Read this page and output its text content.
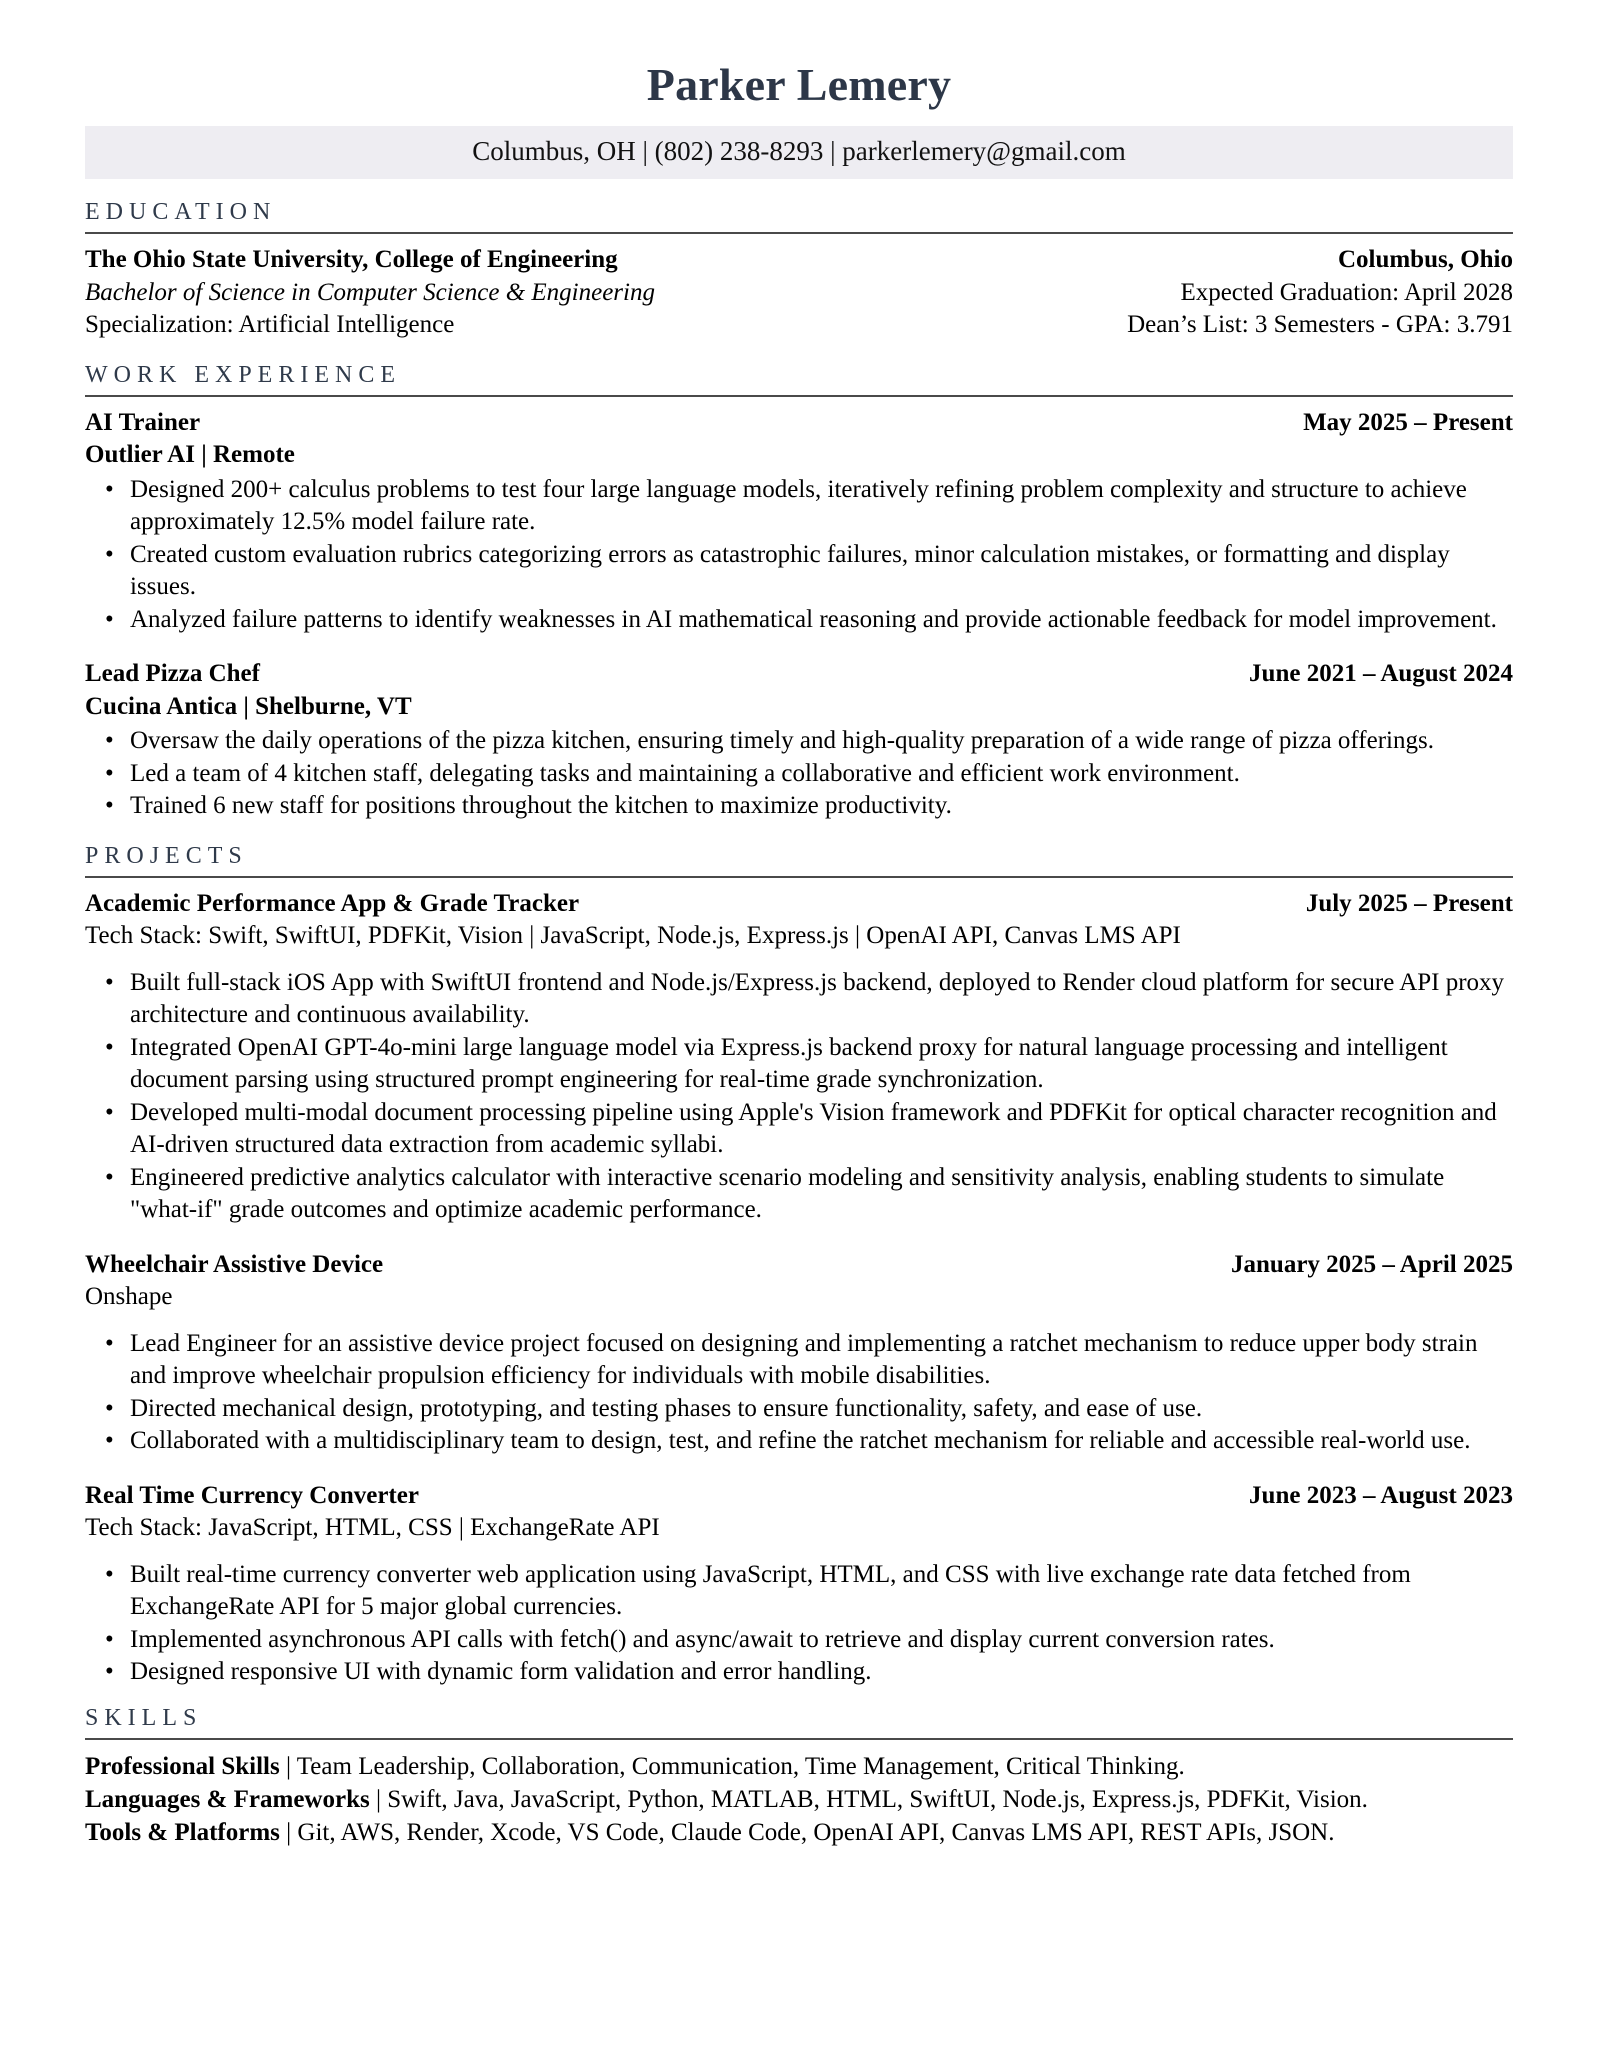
Parker Lemery
Columbus, OH | (802) 238-8293 | parkerlemery@gmail.com
EDUCATION
The Ohio State University, College of Engineering	Columbus, Ohio
Bachelor of Science in Computer Science & Engineering	Expected Graduation: April 2028
Specialization: Artificial Intelligence	Dean’s List: 3 Semesters - GPA: 3.791
WORK EXPERIENCE
AI Trainer	May 2025 – Present
Outlier AI | Remote
• Designed 200+ calculus problems to test four large language models, iteratively refining problem complexity and structure to achieve approximately 12.5% model failure rate.
• Created custom evaluation rubrics categorizing errors as catastrophic failures, minor calculation mistakes, or formatting and display issues.
• Analyzed failure patterns to identify weaknesses in AI mathematical reasoning and provide actionable feedback for model improvement.
Lead Pizza Chef	June 2021 – August 2024
Cucina Antica | Shelburne, VT
• Oversaw the daily operations of the pizza kitchen, ensuring timely and high-quality preparation of a wide range of pizza offerings.
• Led a team of 4 kitchen staff, delegating tasks and maintaining a collaborative and efficient work environment.
• Trained 6 new staff for positions throughout the kitchen to maximize productivity.
PROJECTS
Academic Performance App & Grade Tracker	July 2025 – Present
Tech Stack: Swift, SwiftUI, PDFKit, Vision | JavaScript, Node.js, Express.js | OpenAI API, Canvas LMS API
• Built full-stack iOS App with SwiftUI frontend and Node.js/Express.js backend, deployed to Render cloud platform for secure API proxy architecture and continuous availability.
• Integrated OpenAI GPT-4o-mini large language model via Express.js backend proxy for natural language processing and intelligent document parsing using structured prompt engineering for real-time grade synchronization.
• Developed multi-modal document processing pipeline using Apple's Vision framework and PDFKit for optical character recognition and AI-driven structured data extraction from academic syllabi.
• Engineered predictive analytics calculator with interactive scenario modeling and sensitivity analysis, enabling students to simulate "what-if" grade outcomes and optimize academic performance.
Wheelchair Assistive Device	January 2025 – April 2025
Onshape
• Lead Engineer for an assistive device project focused on designing and implementing a ratchet mechanism to reduce upper body strain and improve wheelchair propulsion efficiency for individuals with mobile disabilities.
• Directed mechanical design, prototyping, and testing phases to ensure functionality, safety, and ease of use.
• Collaborated with a multidisciplinary team to design, test, and refine the ratchet mechanism for reliable and accessible real-world use.
Real Time Currency Converter	June 2023 – August 2023
Tech Stack: JavaScript, HTML, CSS | ExchangeRate API
• Built real-time currency converter web application using JavaScript, HTML, and CSS with live exchange rate data fetched from ExchangeRate API for 5 major global currencies.
• Implemented asynchronous API calls with fetch() and async/await to retrieve and display current conversion rates.
• Designed responsive UI with dynamic form validation and error handling.
SKILLS
Professional Skills | Team Leadership, Collaboration, Communication, Time Management, Critical Thinking.
Languages & Frameworks | Swift, Java, JavaScript, Python, MATLAB, HTML, SwiftUI, Node.js, Express.js, PDFKit, Vision.
Tools & Platforms | Git, AWS, Render, Xcode, VS Code, Claude Code, OpenAI API, Canvas LMS API, REST APIs, JSON.
